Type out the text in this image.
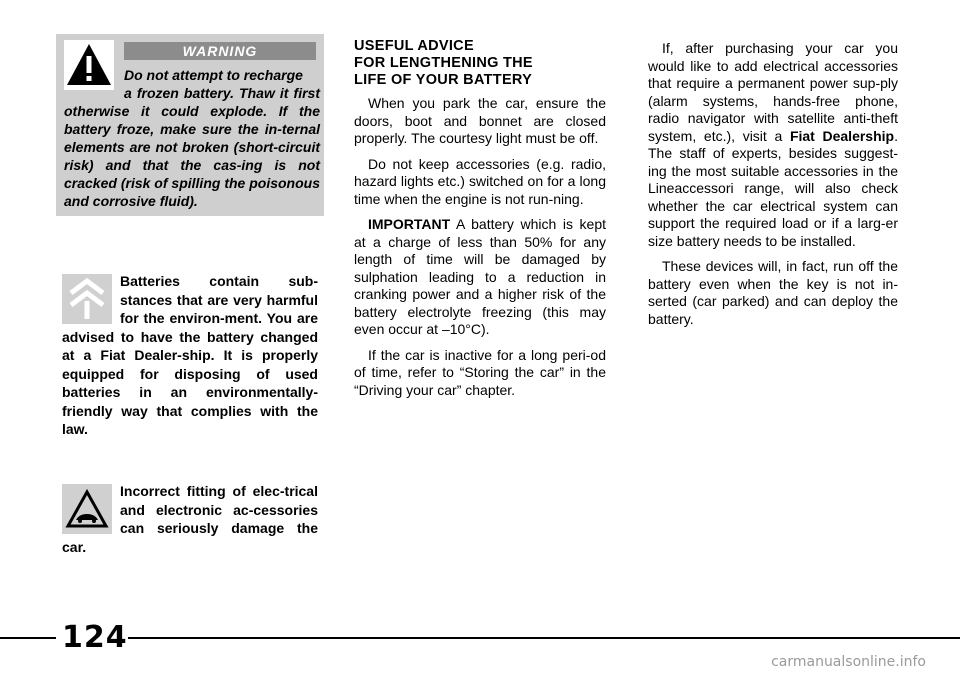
WARNING
Do not attempt to recharge
a frozen battery. Thaw it first otherwise it could explode. If the battery froze, make sure the in-ternal elements are not broken (short-circuit risk) and that the cas-ing is not cracked (risk of spilling the poisonous and corrosive fluid).
Batteries contain sub-stances that are very harmful for the environ-ment. You are advised to have the battery changed at a Fiat Dealer-ship. It is properly equipped for disposing of used batteries in an environmentally-friendly way that complies with the law.
Incorrect fitting of elec-trical and electronic ac-cessories can seriously damage the car.
USEFUL ADVICE
FOR LENGTHENING THE
LIFE OF YOUR BATTERY

When you park the car, ensure the doors, boot and bonnet are closed properly. The courtesy light must be off.

Do not keep accessories (e.g. radio, hazard lights etc.) switched on for a long time when the engine is not run-ning.

IMPORTANT A battery which is kept at a charge of less than 50% for any length of time will be damaged by sulphation leading to a reduction in cranking power and a higher risk of the battery electrolyte freezing (this may even occur at –10°C).

If the car is inactive for a long peri-od of time, refer to “Storing the car” in the “Driving your car” chapter.

If, after purchasing your car you would like to add electrical accessories that require a permanent power sup-ply (alarm systems, hands-free phone, radio navigator with satellite anti-theft system, etc.), visit a Fiat Dealership. The staff of experts, besides suggest-ing the most suitable accessories in the Lineaccessori range, will also check whether the car electrical system can support the required load or if a larg-er size battery needs to be installed.

These devices will, in fact, run off the battery even when the key is not in-serted (car parked) and can deploy the battery.

124
carmanualsonline.info
